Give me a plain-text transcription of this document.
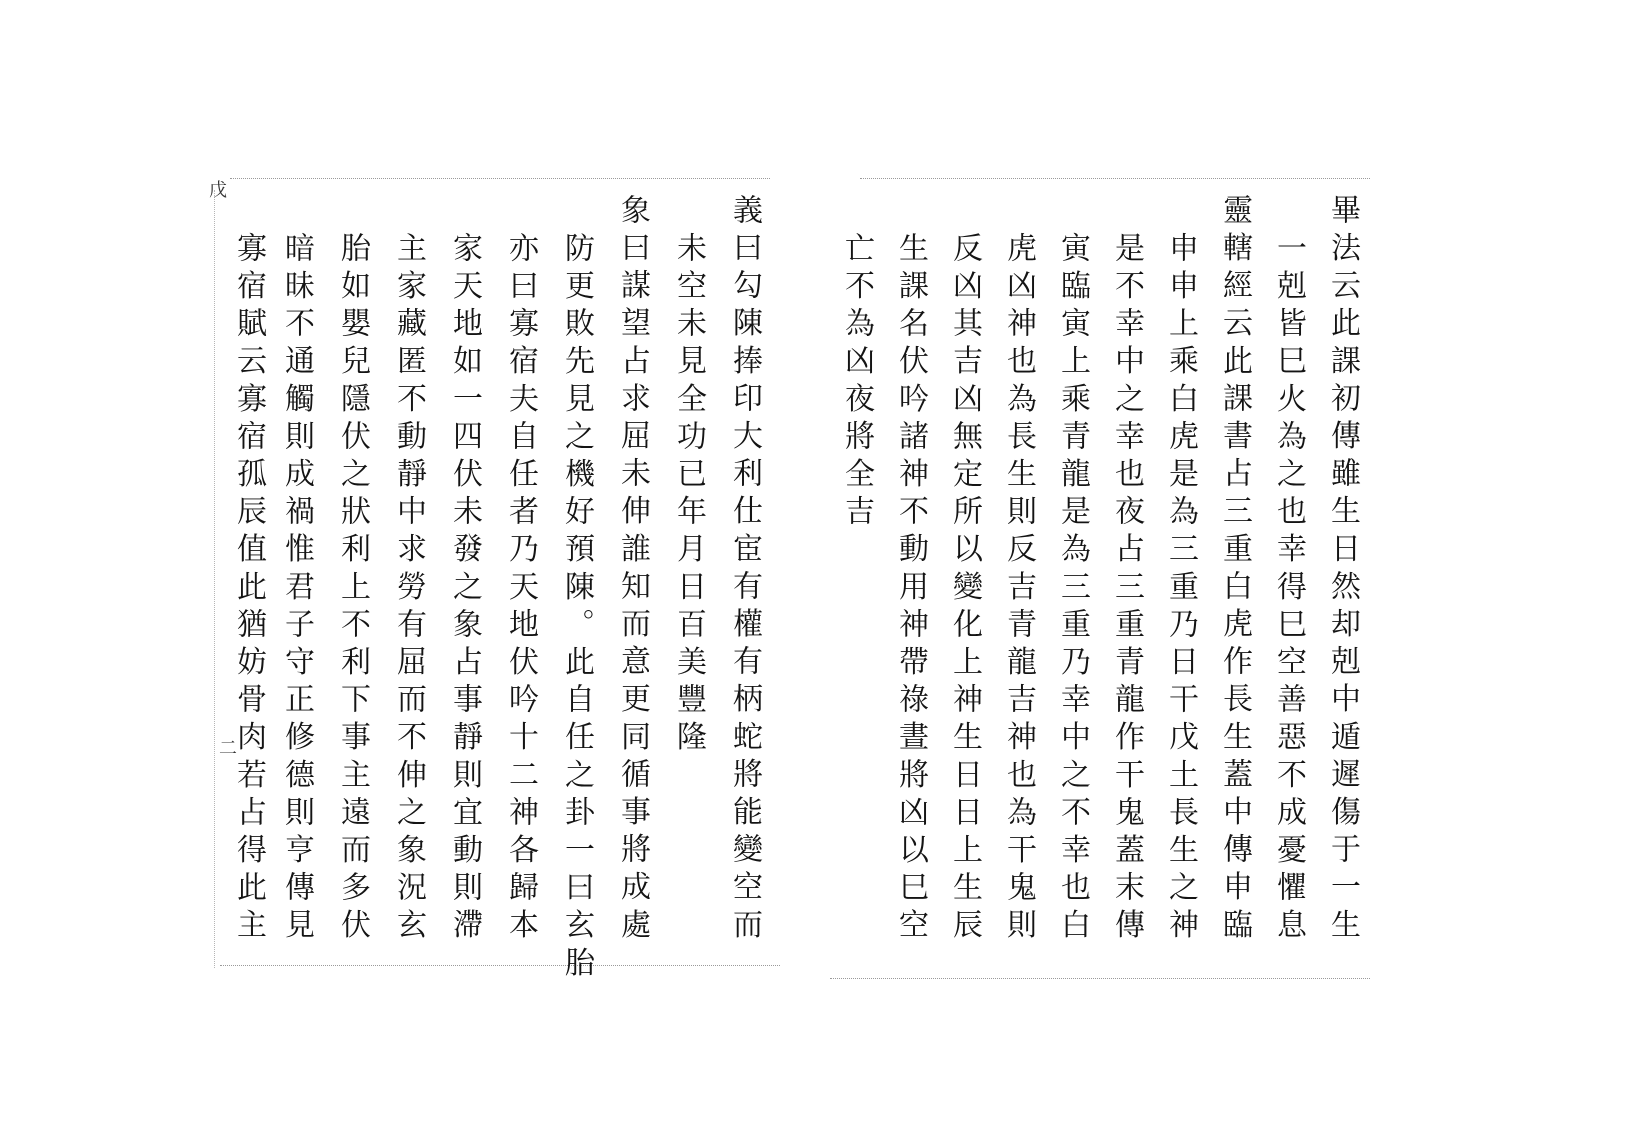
戊
二	義曰勾陳捧印大利仕宦有權有柄蛇將能變空而
未空未見全功已年月日百美豐隆
象曰謀望占求屈未伸誰知而意更同循事將成處
防更敗先見之機好預陳。此自任之卦一曰玄胎
亦曰寡宿夫自任者乃天地伏吟十二神各歸本
家天地如一四伏未發之象占事靜則宜動則滯
主家藏匿不動靜中求勞有屈而不伸之象況玄
胎如嬰兒隱伏之狀利上不利下事主遠而多伏
暗昧不通觸則成禍惟君子守正修德則亨傳見
寡宿賦云寡宿孤辰值此猶妨骨肉若占得此主	畢法云此課初傳雖生日然却剋中遁遲傷于一生
一剋皆巳火為之也幸得巳空善惡不成憂懼息
靈轄經云此課書占三重白虎作長生蓋中傳申臨
申申上乘白虎是為三重乃日干戊土長生之神
是不幸中之幸也夜占三重青龍作干鬼蓋末傳
寅臨寅上乘青龍是為三重乃幸中之不幸也白
虎凶神也為長生則反吉青龍吉神也為干鬼則
反凶其吉凶無定所以變化上神生日日上生辰
生課名伏吟諸神不動用神帶祿晝將凶以巳空
亡不為凶夜將全吉
